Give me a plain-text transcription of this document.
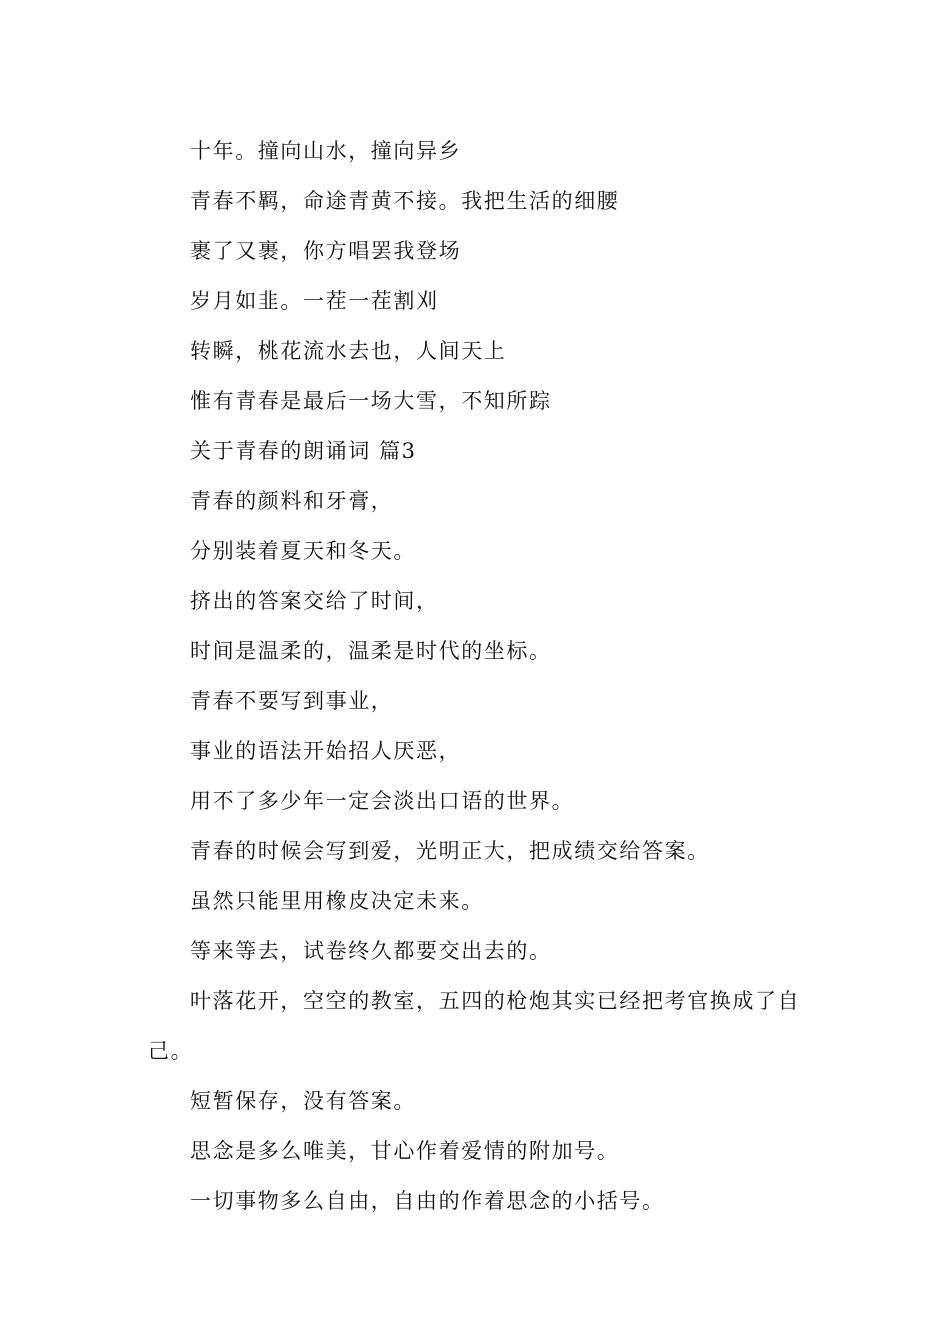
十年。撞向山水，撞向异乡

青春不羁，命途青黄不接。我把生活的细腰

裹了又裹，你方唱罢我登场

岁月如韭。一茬一茬割刈

转瞬，桃花流水去也，人间天上

惟有青春是最后一场大雪，不知所踪

关于青春的朗诵词 篇3

青春的颜料和牙膏，

分别装着夏天和冬天。

挤出的答案交给了时间，

时间是温柔的，温柔是时代的坐标。

青春不要写到事业，

事业的语法开始招人厌恶，

用不了多少年一定会淡出口语的世界。

青春的时候会写到爱，光明正大，把成绩交给答案。

虽然只能里用橡皮决定未来。

等来等去，试卷终久都要交出去的。

叶落花开，空空的教室，五四的枪炮其实已经把考官换成了自

己。

短暂保存，没有答案。

思念是多么唯美，甘心作着爱情的附加号。

一切事物多么自由，自由的作着思念的小括号。
